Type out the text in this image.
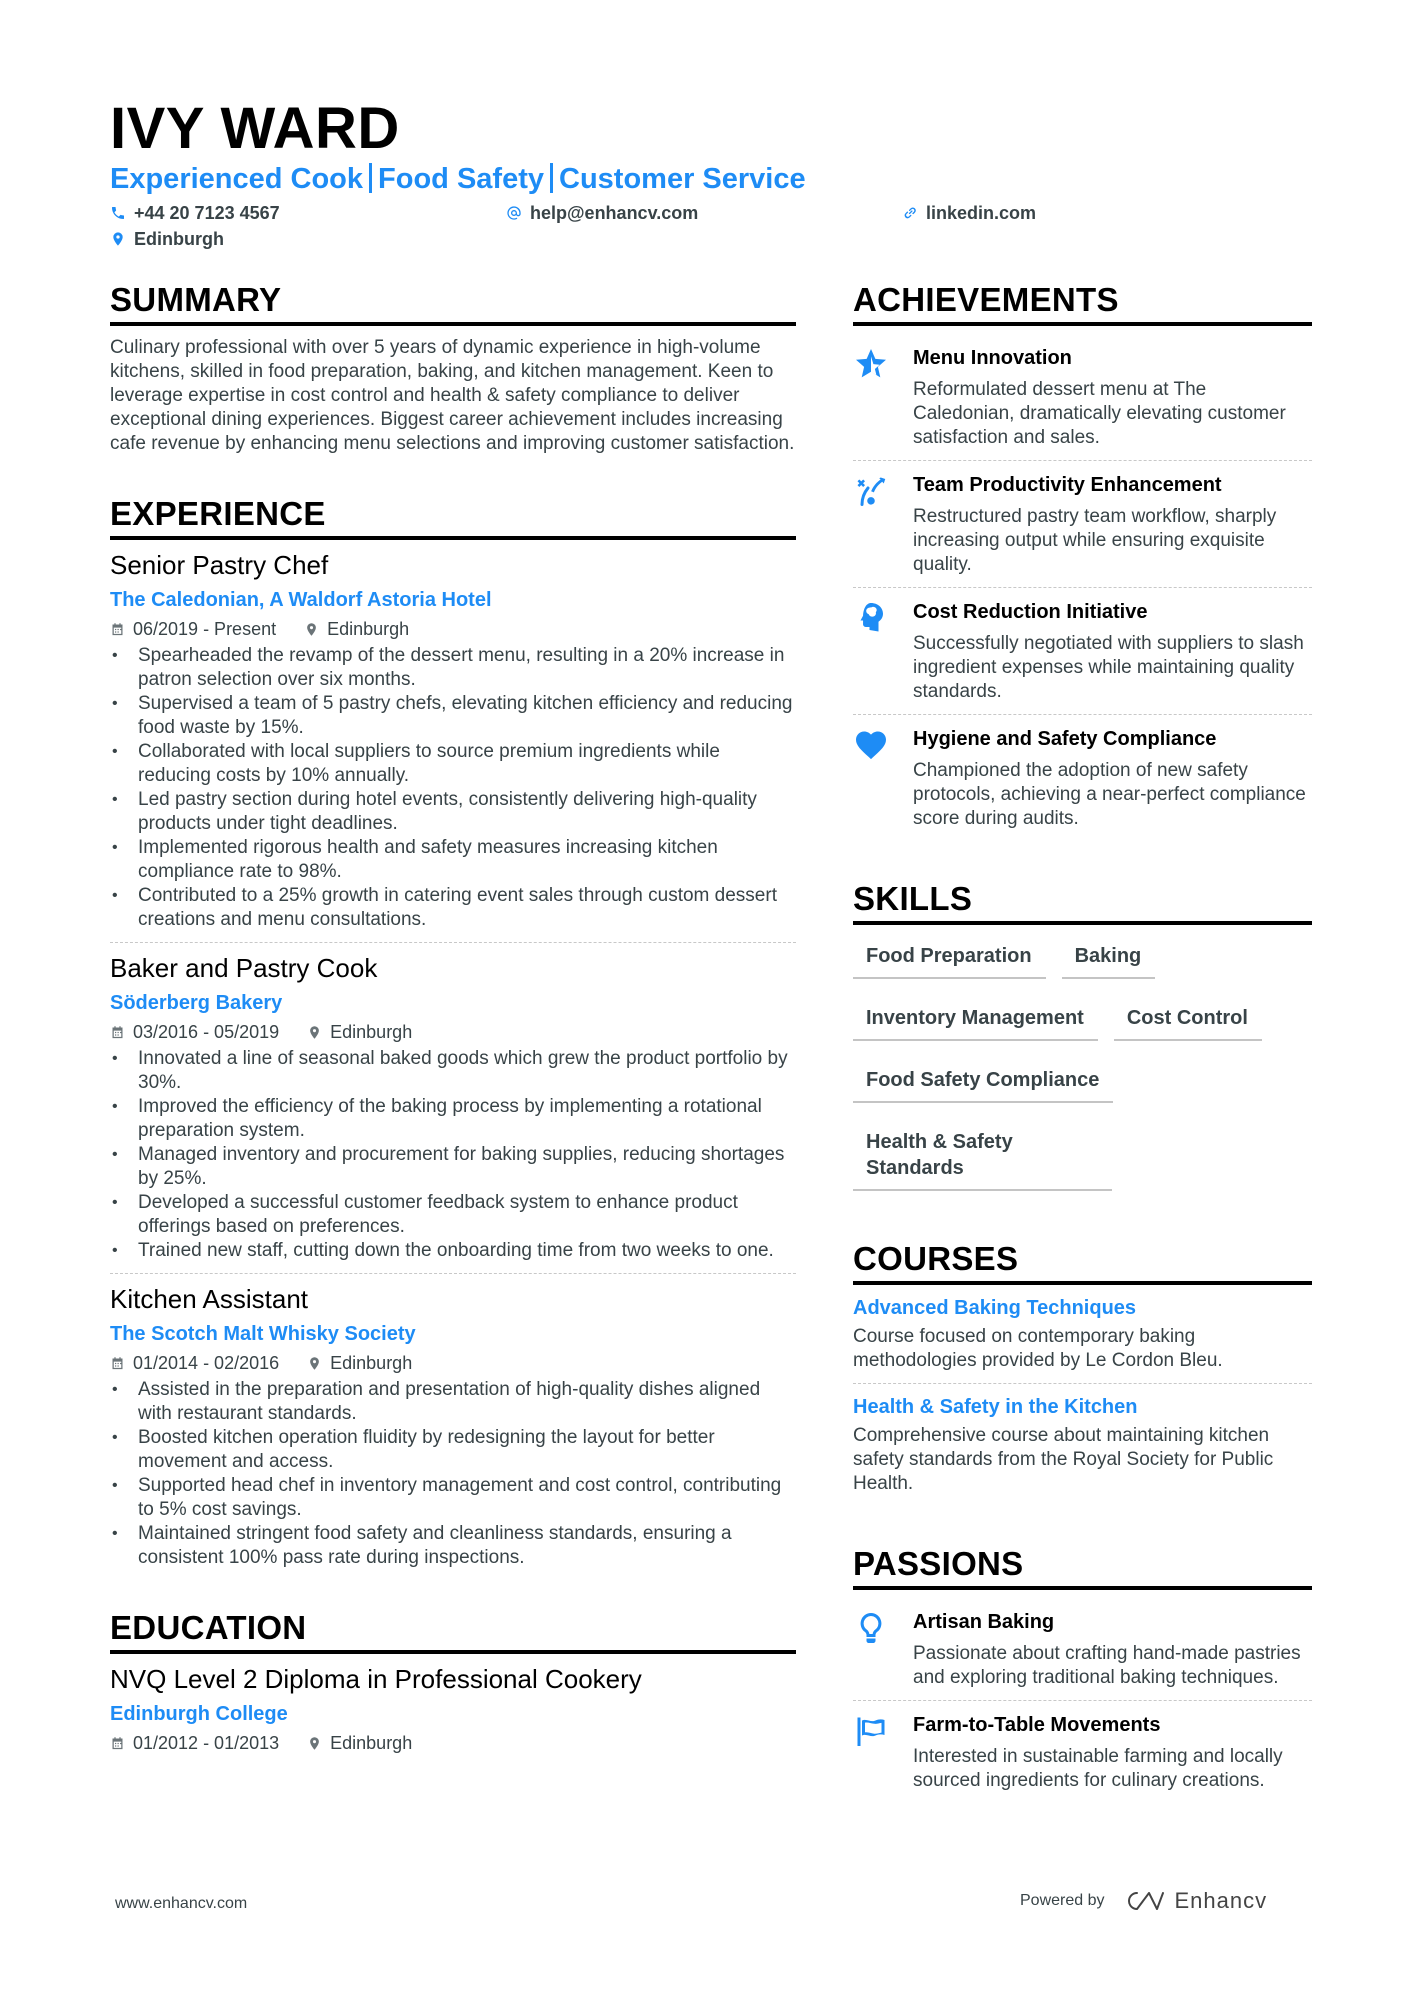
IVY WARD
Experienced Cook Food Safety Customer Service
+44 20 7123 4567	help@enhancv.com	linkedin.com
Edinburgh
SUMMARY
Culinary professional with over 5 years of dynamic experience in high-volume kitchens, skilled in food preparation, baking, and kitchen management. Keen to leverage expertise in cost control and health & safety compliance to deliver exceptional dining experiences. Biggest career achievement includes increasing cafe revenue by enhancing menu selections and improving customer satisfaction.
EXPERIENCE
Senior Pastry Chef
The Caledonian, A Waldorf Astoria Hotel
06/2019 - Present	Edinburgh
• Spearheaded the revamp of the dessert menu, resulting in a 20% increase in patron selection over six months.
• Supervised a team of 5 pastry chefs, elevating kitchen efficiency and reducing food waste by 15%.
• Collaborated with local suppliers to source premium ingredients while reducing costs by 10% annually.
• Led pastry section during hotel events, consistently delivering high-quality products under tight deadlines.
• Implemented rigorous health and safety measures increasing kitchen compliance rate to 98%.
• Contributed to a 25% growth in catering event sales through custom dessert creations and menu consultations.
Baker and Pastry Cook
Söderberg Bakery
03/2016 - 05/2019	Edinburgh
• Innovated a line of seasonal baked goods which grew the product portfolio by 30%.
• Improved the efficiency of the baking process by implementing a rotational preparation system.
• Managed inventory and procurement for baking supplies, reducing shortages by 25%.
• Developed a successful customer feedback system to enhance product offerings based on preferences.
• Trained new staff, cutting down the onboarding time from two weeks to one.
Kitchen Assistant
The Scotch Malt Whisky Society
01/2014 - 02/2016	Edinburgh
• Assisted in the preparation and presentation of high-quality dishes aligned with restaurant standards.
• Boosted kitchen operation fluidity by redesigning the layout for better movement and access.
• Supported head chef in inventory management and cost control, contributing to 5% cost savings.
• Maintained stringent food safety and cleanliness standards, ensuring a consistent 100% pass rate during inspections.
EDUCATION
NVQ Level 2 Diploma in Professional Cookery
Edinburgh College
01/2012 - 01/2013	Edinburgh
ACHIEVEMENTS
Menu Innovation
Reformulated dessert menu at The Caledonian, dramatically elevating customer satisfaction and sales.
Team Productivity Enhancement
Restructured pastry team workflow, sharply increasing output while ensuring exquisite quality.
Cost Reduction Initiative
Successfully negotiated with suppliers to slash ingredient expenses while maintaining quality standards.
Hygiene and Safety Compliance
Championed the adoption of new safety protocols, achieving a near-perfect compliance score during audits.
SKILLS
Food Preparation	Baking
Inventory Management	Cost Control
Food Safety Compliance
Health & Safety Standards
COURSES
Advanced Baking Techniques
Course focused on contemporary baking methodologies provided by Le Cordon Bleu.
Health & Safety in the Kitchen
Comprehensive course about maintaining kitchen safety standards from the Royal Society for Public Health.
PASSIONS
Artisan Baking
Passionate about crafting hand-made pastries and exploring traditional baking techniques.
Farm-to-Table Movements
Interested in sustainable farming and locally sourced ingredients for culinary creations.
www.enhancv.com	Powered by	Enhancv
